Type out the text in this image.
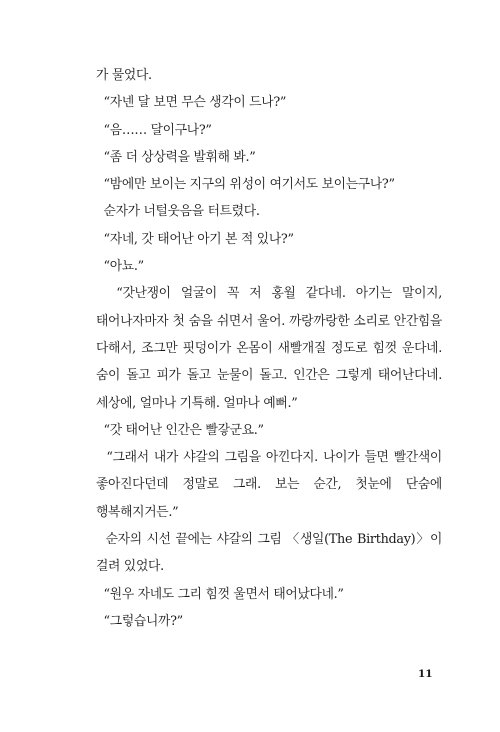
가 물었다.

“자넨 달 보면 무슨 생각이 드나?”

“음…… 달이구나?”

“좀 더 상상력을 발휘해 봐.”

“밤에만 보이는 지구의 위성이 여기서도 보이는구나?”

순자가 너털웃음을 터트렸다.

“자네, 갓 태어난 아기 본 적 있나?”

“아뇨.”

“갓난쟁이 얼굴이 꼭 저 홍월 같다네. 아기는 말이지, 태어나자마자 첫 숨을 쉬면서 울어. 까랑까랑한 소리로 안간힘을 다해서, 조그만 핏덩이가 온몸이 새빨개질 정도로 힘껏 운다네. 숨이 돌고 피가 돌고 눈물이 돌고. 인간은 그렇게 태어난다네. 세상에, 얼마나 기특해. 얼마나 예뻐.”

“갓 태어난 인간은 빨갛군요.”

“그래서 내가 샤갈의 그림을 아낀다지. 나이가 들면 빨간색이 좋아진다던데 정말로 그래. 보는 순간, 첫눈에 단숨에 행복해지거든.”

순자의 시선 끝에는 샤갈의 그림 〈생일(The Birthday)〉이 걸려 있었다.

“원우 자네도 그리 힘껏 울면서 태어났다네.”

“그렇습니까?”

11
